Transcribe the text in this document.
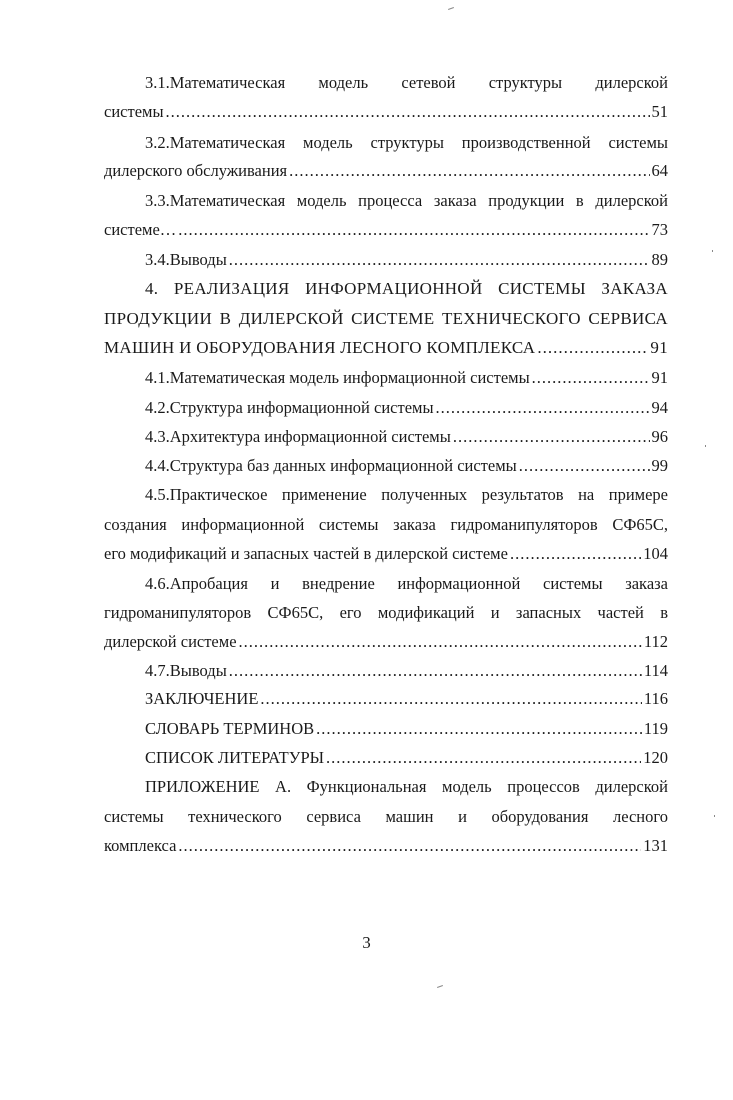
3.1.Математическая модель сетевой структуры дилерской
системы .....	51
3.2.Математическая модель структуры производственной системы
дилерского обслуживания .....	64
3.3.Математическая модель процесса заказа продукции в дилерской
системе… .....	73
3.4.Выводы .....	89
4. РЕАЛИЗАЦИЯ ИНФОРМАЦИОННОЙ СИСТЕМЫ ЗАКАЗА
ПРОДУКЦИИ В ДИЛЕРСКОЙ СИСТЕМЕ ТЕХНИЧЕСКОГО СЕРВИСА
МАШИН И ОБОРУДОВАНИЯ ЛЕСНОГО КОМПЛЕКСА .....	91
4.1.Математическая модель информационной системы .....	91
4.2.Структура информационной системы .....	94
4.3.Архитектура информационной системы .....	96
4.4.Структура баз данных информационной системы .....	99
4.5.Практическое применение полученных результатов на примере
создания информационной системы заказа гидроманипуляторов СФ65С,
его модификаций и запасных частей в дилерской системе .....	104
4.6.Апробация и внедрение информационной системы заказа
гидроманипуляторов СФ65С, его модификаций и запасных частей в
дилерской системе .....	112
4.7.Выводы .....	114
ЗАКЛЮЧЕНИЕ .....	116
СЛОВАРЬ ТЕРМИНОВ .....	119
СПИСОК ЛИТЕРАТУРЫ .....	120
ПРИЛОЖЕНИЕ А. Функциональная модель процессов дилерской
системы технического сервиса машин и оборудования лесного
комплекса .....	131
3
